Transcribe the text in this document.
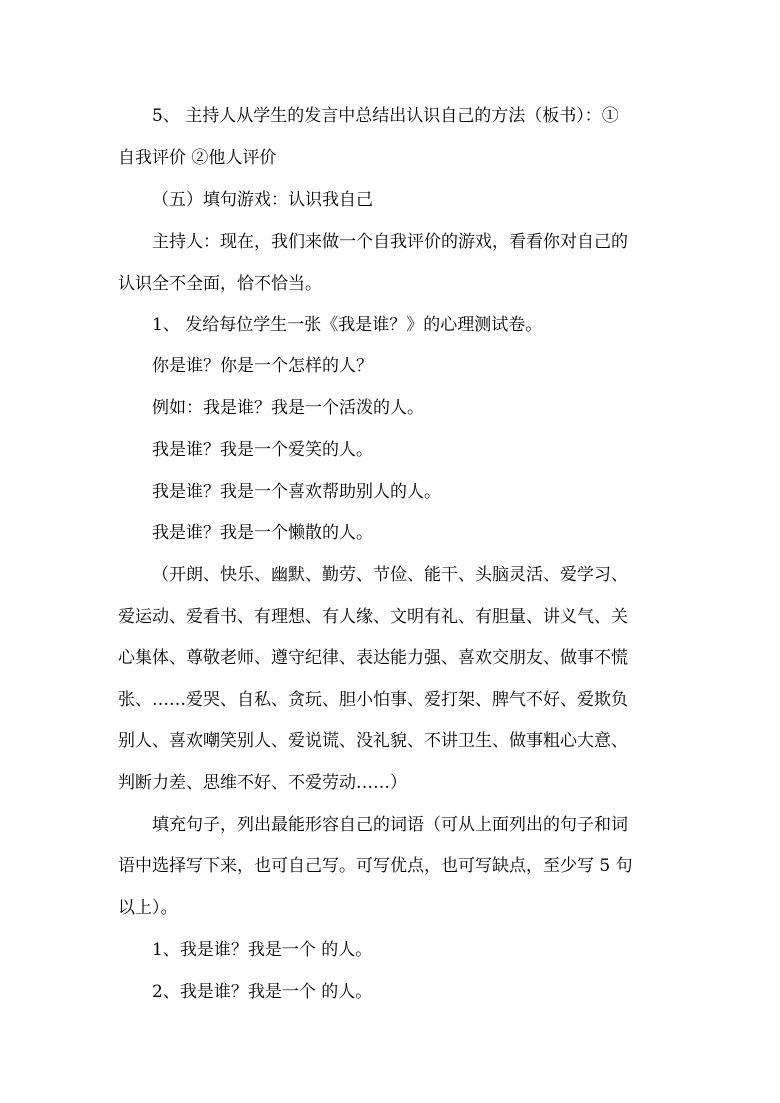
5、 主持人从学生的发言中总结出认识自己的方法（板书）：①
自我评价 ②他人评价
（五）填句游戏：认识我自己
主持人：现在，我们来做一个自我评价的游戏，看看你对自己的
认识全不全面，恰不恰当。
1、 发给每位学生一张《我是谁？》的心理测试卷。
你是谁？你是一个怎样的人？
例如：我是谁？我是一个活泼的人。
我是谁？我是一个爱笑的人。
我是谁？我是一个喜欢帮助别人的人。
我是谁？我是一个懒散的人。
（开朗、快乐、幽默、勤劳、节俭、能干、头脑灵活、爱学习、
爱运动、爱看书、有理想、有人缘、文明有礼、有胆量、讲义气、关
心集体、尊敬老师、遵守纪律、表达能力强、喜欢交朋友、做事不慌
张、……爱哭、自私、贪玩、胆小怕事、爱打架、脾气不好、爱欺负
别人、喜欢嘲笑别人、爱说谎、没礼貌、不讲卫生、做事粗心大意、
判断力差、思维不好、不爱劳动……）
填充句子，列出最能形容自己的词语（可从上面列出的句子和词
语中选择写下来，也可自己写。可写优点，也可写缺点，至少写 5 句
以上）。
1、我是谁？我是一个 的人。
2、我是谁？我是一个 的人。
